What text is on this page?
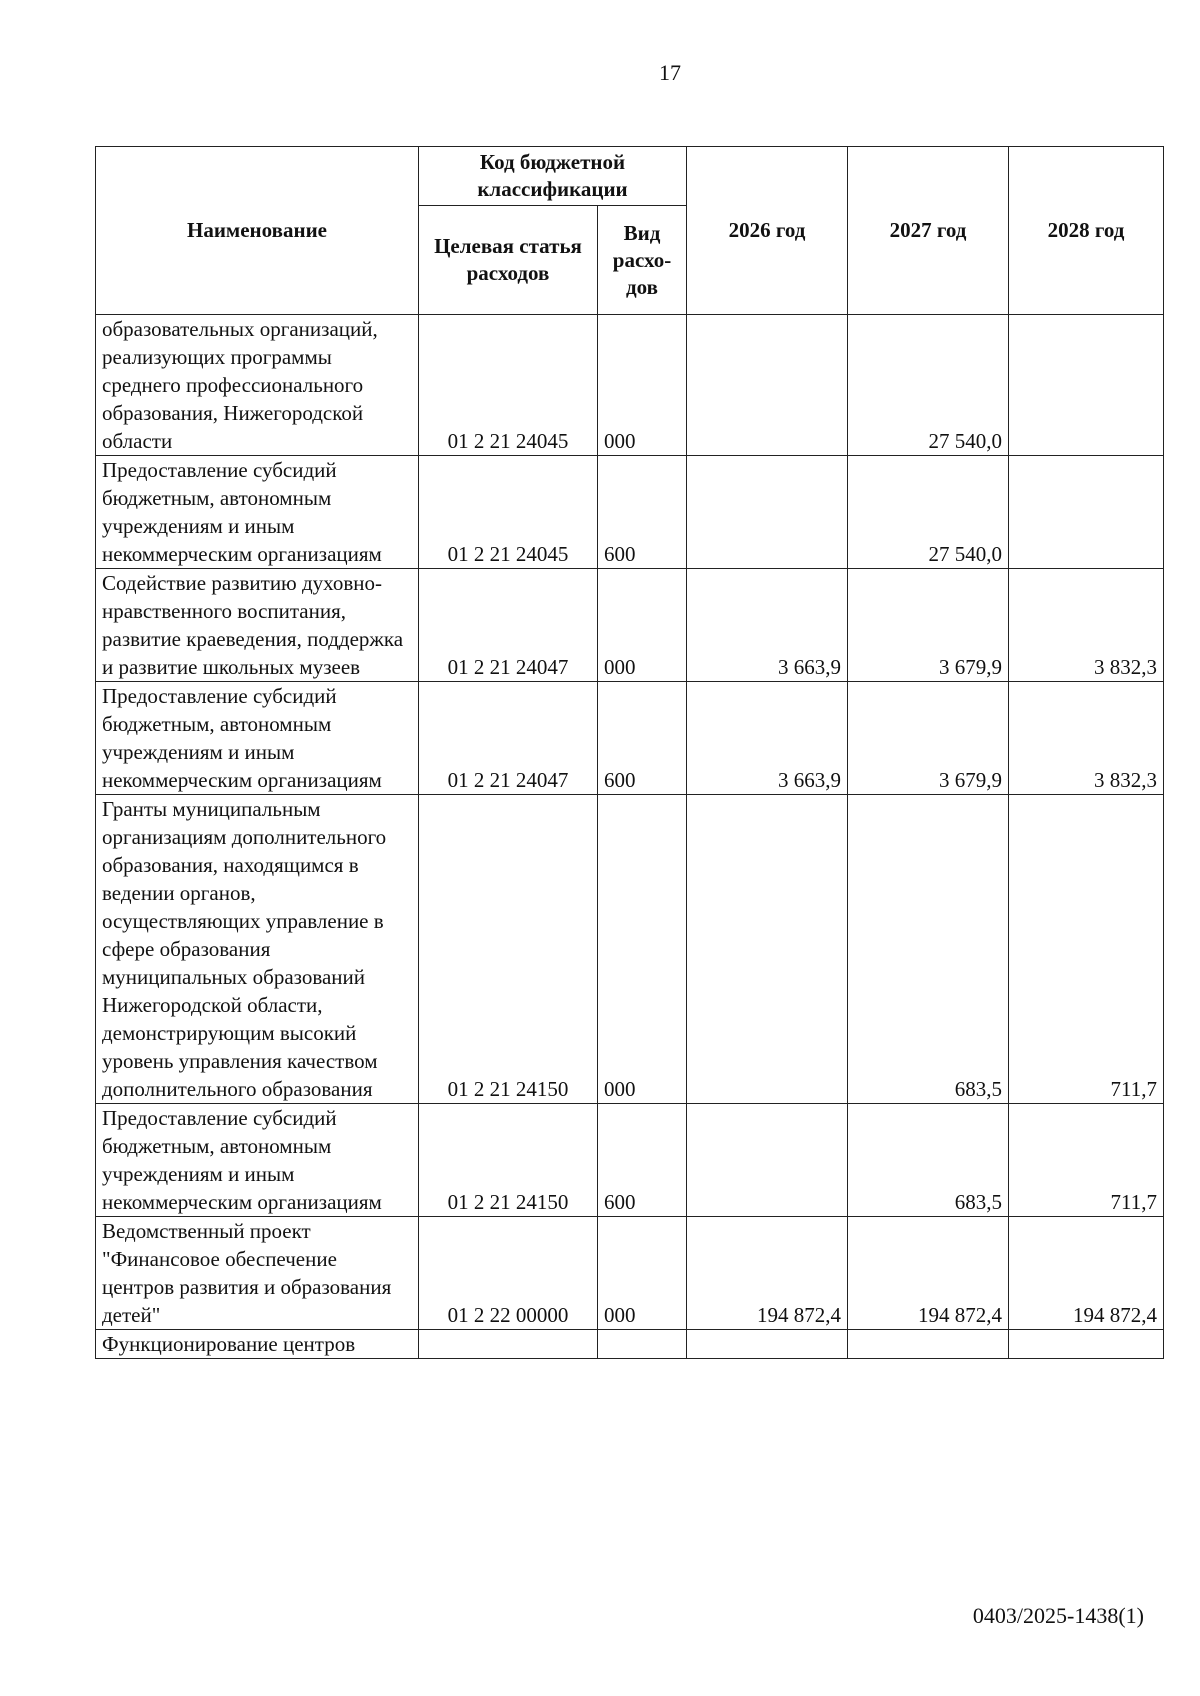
17
Наименование	Код бюджетной классификации		2026 год	2027 год	2028 год
	Целевая статья расходов	Вид расхо-дов			
образовательных организаций, реализующих программы среднего профессионального образования, Нижегородской области	01 2 21 24045	000		27 540,0	
Предоставление субсидий бюджетным, автономным учреждениям и иным некоммерческим организациям	01 2 21 24045	600		27 540,0	
Содействие развитию духовно-нравственного воспитания, развитие краеведения, поддержка и развитие школьных музеев	01 2 21 24047	000	3 663,9	3 679,9	3 832,3
Предоставление субсидий бюджетным, автономным учреждениям и иным некоммерческим организациям	01 2 21 24047	600	3 663,9	3 679,9	3 832,3
Гранты муниципальным организациям дополнительного образования, находящимся в ведении органов, осуществляющих управление в сфере образования муниципальных образований Нижегородской области, демонстрирующим высокий уровень управления качеством дополнительного образования	01 2 21 24150	000		683,5	711,7
Предоставление субсидий бюджетным, автономным учреждениям и иным некоммерческим организациям	01 2 21 24150	600		683,5	711,7
Ведомственный проект "Финансовое обеспечение центров развития и образования детей"	01 2 22 00000	000	194 872,4	194 872,4	194 872,4
Функционирование центров					
0403/2025-1438(1)
